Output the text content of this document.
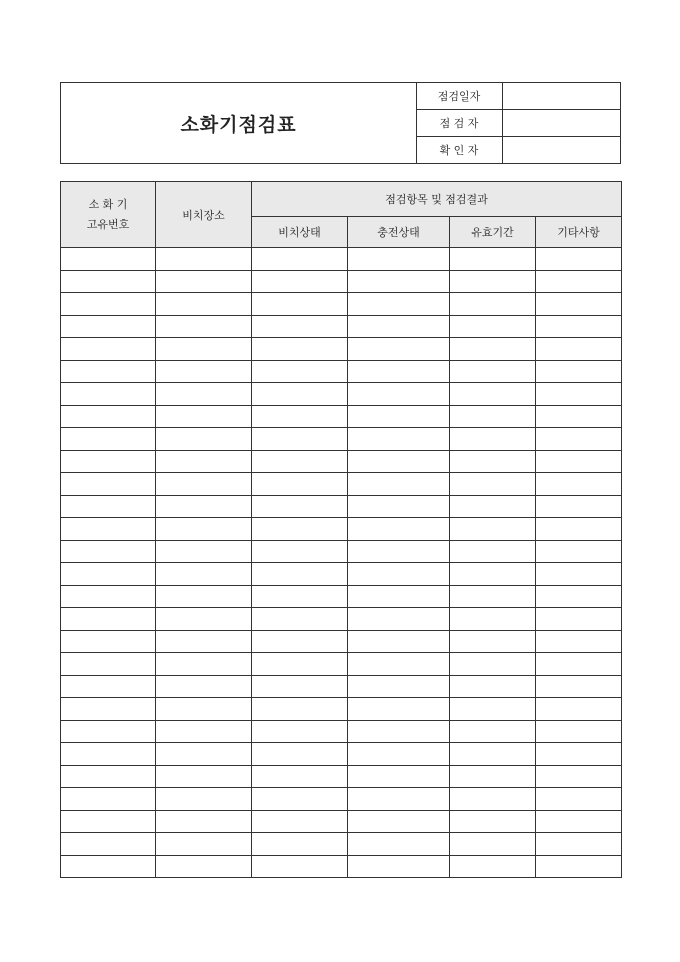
소화기점검표
점검일자	
점 검 자	
확 인 자	
소 화 기
고유번호	비치장소	점검항목 및 점검결과			
		비치상태	충전상태	유효기간	기타사항
